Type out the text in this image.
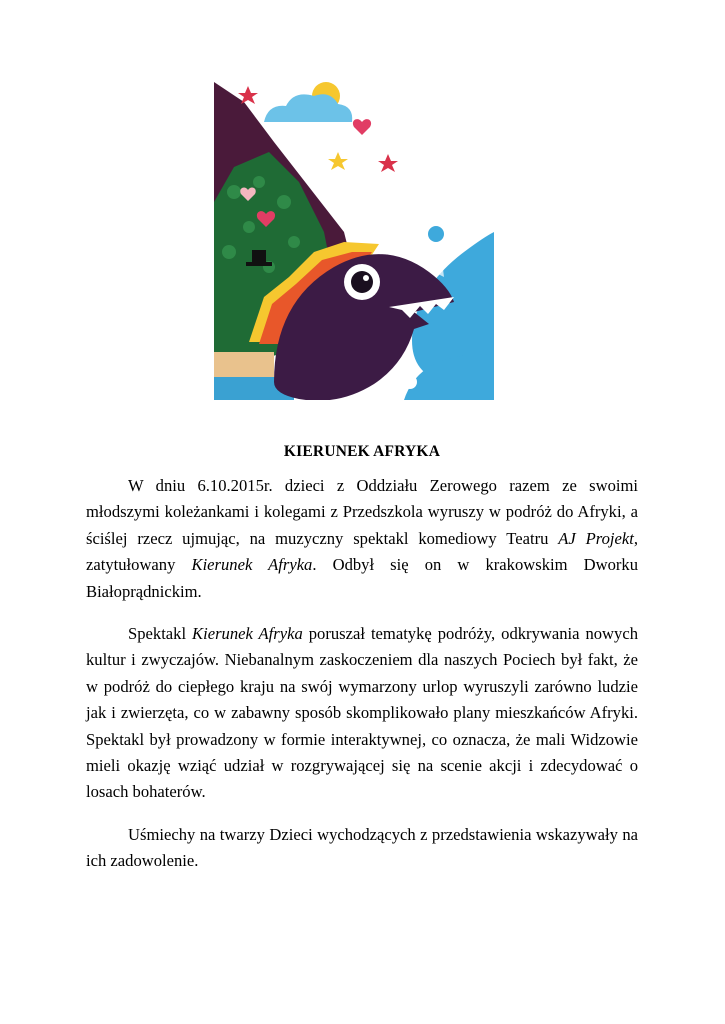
KIERUNEK AFRYKA

W dniu 6.10.2015r. dzieci z Oddziału Zerowego razem ze swoimi młodszymi koleżankami i kolegami z Przedszkola wyruszy w podróż do Afryki, a ściślej rzecz ujmując, na muzyczny spektakl komediowy Teatru AJ Projekt, zatytułowany Kierunek Afryka. Odbył się on w krakowskim Dworku Białoprądnickim.

Spektakl Kierunek Afryka poruszał tematykę podróży, odkrywania nowych kultur i zwyczajów. Niebanalnym zaskoczeniem dla naszych Pociech był fakt, że w podróż do ciepłego kraju na swój wymarzony urlop wyruszyli zarówno ludzie jak i zwierzęta, co w zabawny sposób skomplikowało plany mieszkańców Afryki. Spektakl był prowadzony w formie interaktywnej, co oznacza, że mali Widzowie mieli okazję wziąć udział w rozgrywającej się na scenie akcji i zdecydować o losach bohaterów.

Uśmiechy na twarzy Dzieci wychodzących z przedstawienia wskazywały na ich zadowolenie.
